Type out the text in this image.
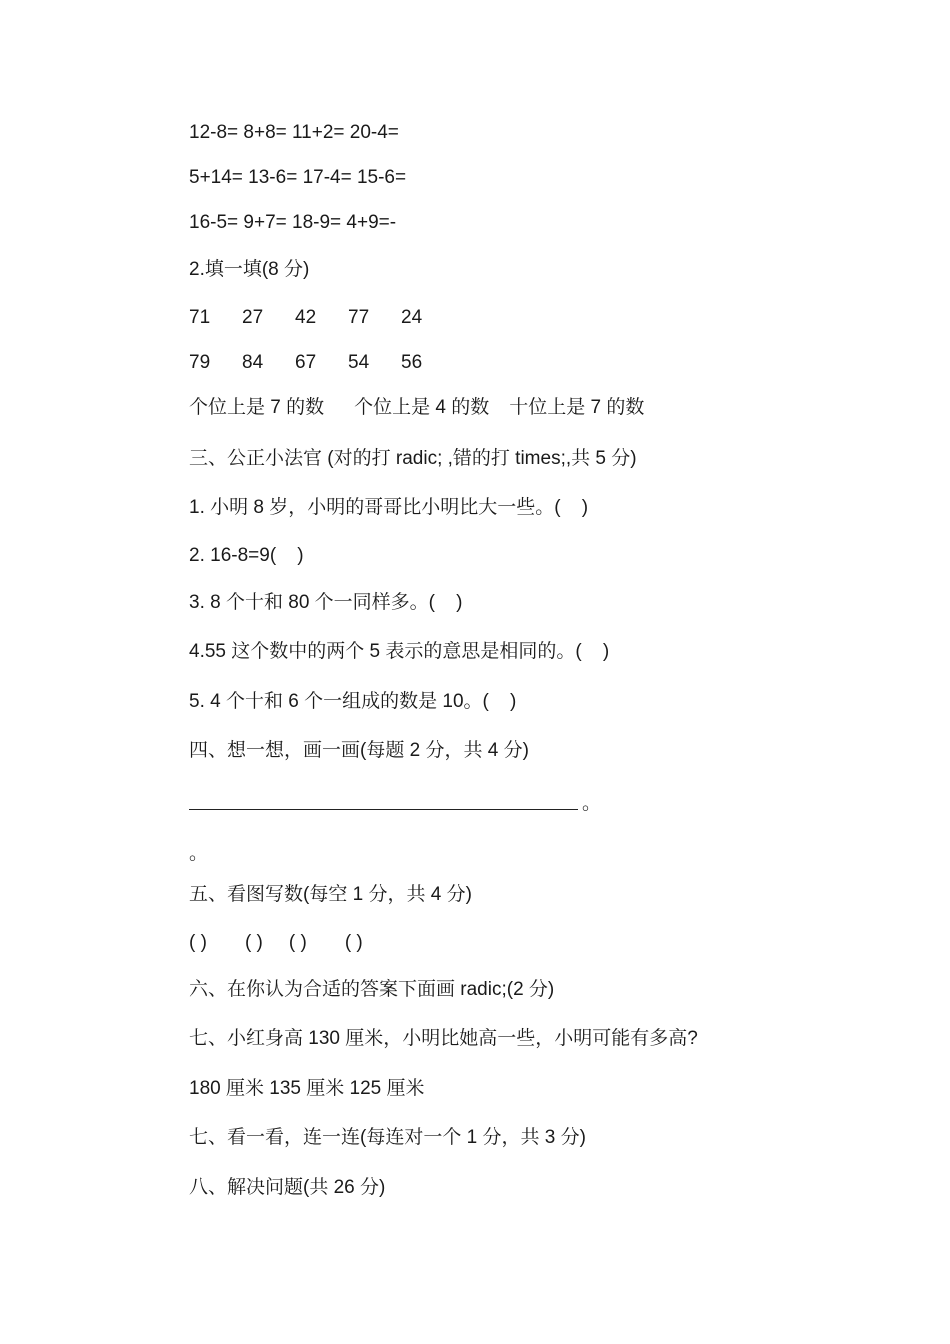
12-8= 8+8= 11+2= 20-4=
5+14= 13-6= 17-4= 15-6=
16-5= 9+7= 18-9= 4+9=-
2.填一填(8 分)
71	27	42	77	24
79	84	67	54	56
个位上是 7 的数 个位上是 4 的数 十位上是 7 的数
三、公正小法官 (对的打 radic; ,错的打 times;,共 5 分)
1. 小明 8 岁，小明的哥哥比小明比大一些。(    )
2. 16-8=9(    )
3. 8 个十和 80 个一同样多。(    )
4.55 这个数中的两个 5 表示的意思是相同的。(    )
5. 4 个十和 6 个一组成的数是 10。(    )
四、想一想，画一画(每题 2 分，共 4 分)
。
。
五、看图写数(每空 1 分，共 4 分)
( ) ( ) ( ) ( )
六、在你认为合适的答案下面画 radic;(2 分)
七、小红身高 130 厘米，小明比她高一些，小明可能有多高?
180 厘米 135 厘米 125 厘米
七、看一看，连一连(每连对一个 1 分，共 3 分)
八、解决问题(共 26 分)
